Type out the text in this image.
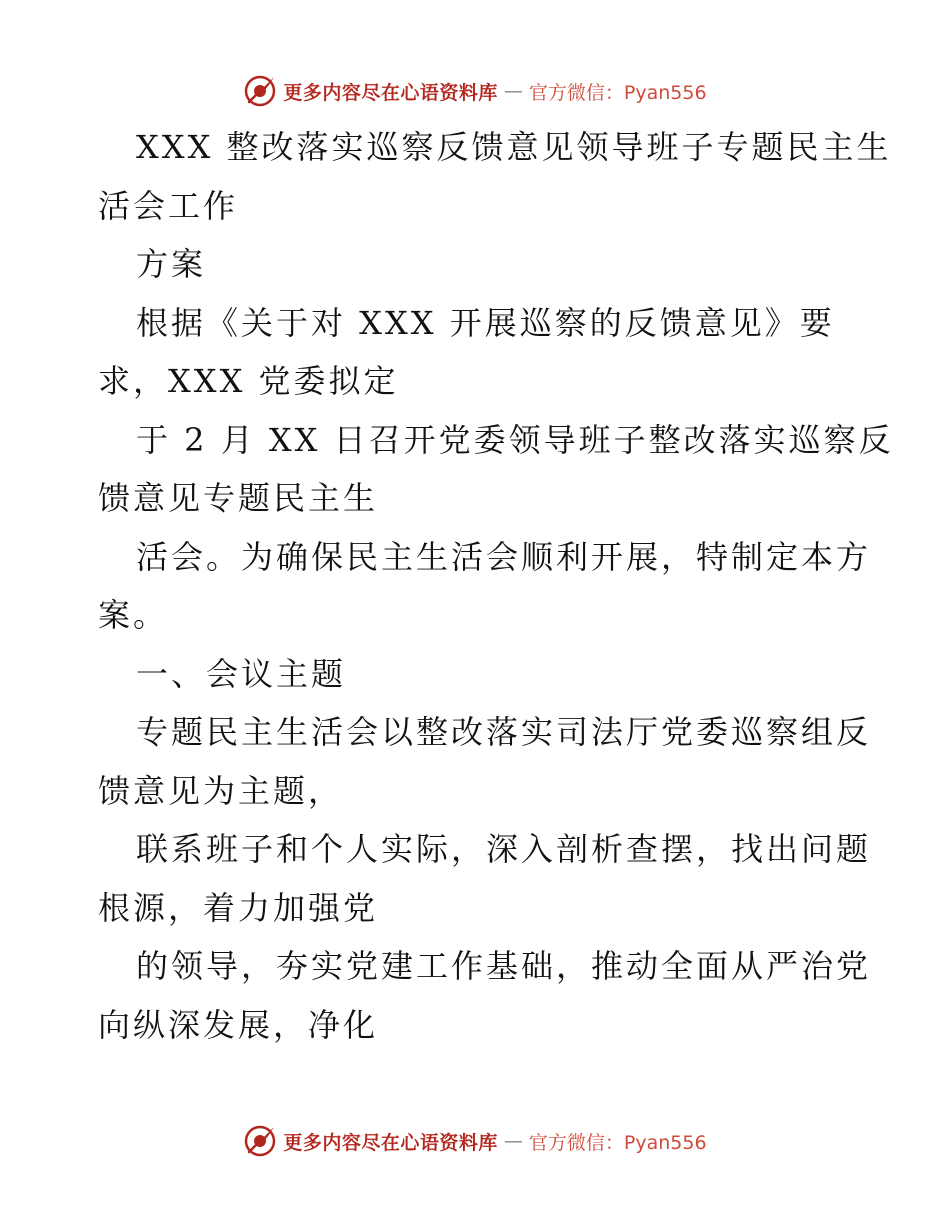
更多内容尽在心语资料库 — 官方微信：Pyan556
XXX 整改落实巡察反馈意见领导班子专题民主生
活会工作
方案
根据《关于对 XXX 开展巡察的反馈意见》要
求，XXX 党委拟定
于 2 月 XX 日召开党委领导班子整改落实巡察反
馈意见专题民主生
活会。为确保民主生活会顺利开展，特制定本方
案。
一、会议主题
专题民主生活会以整改落实司法厅党委巡察组反
馈意见为主题，
联系班子和个人实际，深入剖析查摆，找出问题
根源，着力加强党
的领导，夯实党建工作基础，推动全面从严治党
向纵深发展，净化
更多内容尽在心语资料库 — 官方微信：Pyan556
